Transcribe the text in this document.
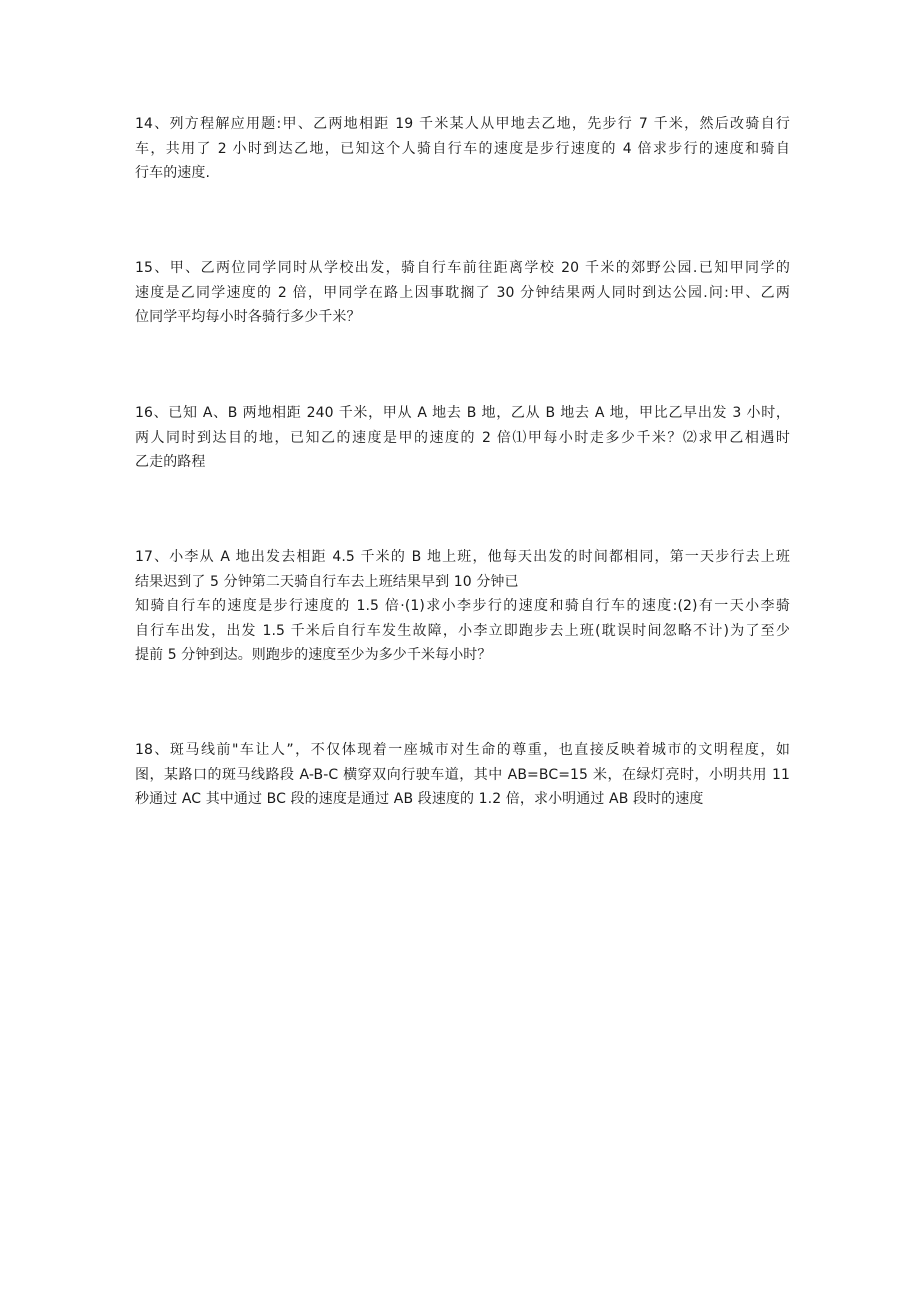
14、列方程解应用题:甲、乙两地相距 19 千米某人从甲地去乙地，先步行 7 千米，然后改骑自行
车，共用了 2 小时到达乙地，已知这个人骑自行车的速度是步行速度的 4 倍求步行的速度和骑自
行车的速度.
15、甲、乙两位同学同时从学校出发，骑自行车前往距离学校 20 千米的郊野公园.已知甲同学的
速度是乙同学速度的 2 倍，甲同学在路上因事耽搁了 30 分钟结果两人同时到达公园.问:甲、乙两
位同学平均每小时各骑行多少千米？
16、已知 A、B 两地相距 240 千米，甲从 A 地去 B 地，乙从 B 地去 A 地，甲比乙早出发 3 小时，
两人同时到达目的地，已知乙的速度是甲的速度的 2 倍⑴甲每小时走多少千米？⑵求甲乙相遇时
乙走的路程
17、小李从 A 地出发去相距 4.5 千米的 B 地上班，他每天出发的时间都相同，第一天步行去上班
结果迟到了 5 分钟第二天骑自行车去上班结果早到 10 分钟已
知骑自行车的速度是步行速度的 1.5 倍·(1)求小李步行的速度和骑自行车的速度:(2)有一天小李骑
自行车出发，出发 1.5 千米后自行车发生故障，小李立即跑步去上班(耽误时间忽略不计)为了至少
提前 5 分钟到达。则跑步的速度至少为多少千米每小时？
18、斑马线前"车让人”，不仅体现着一座城市对生命的尊重，也直接反映着城市的文明程度，如
图，某路口的斑马线路段 A-B-C 横穿双向行驶车道，其中 AB=BC=15 米，在绿灯亮时，小明共用 11
秒通过 AC 其中通过 BC 段的速度是通过 AB 段速度的 1.2 倍，求小明通过 AB 段时的速度
